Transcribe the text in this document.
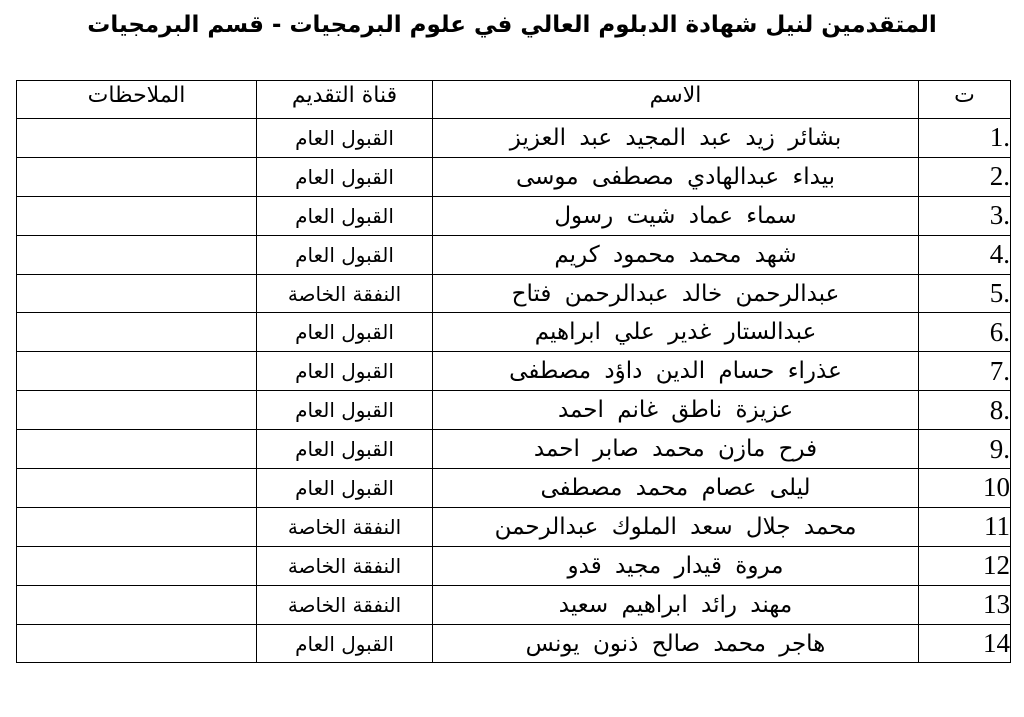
المتقدمين لنيل شهادة الدبلوم العالي في علوم البرمجيات - قسم البرمجيات
ت	الاسم	قناة التقديم	الملاحظات
1.	بشائر زيد عبد المجيد عبد العزيز	القبول العام	
2.	بيداء عبدالهادي مصطفى موسى	القبول العام	
3.	سماء عماد شيت رسول	القبول العام	
4.	شهد محمد محمود كريم	القبول العام	
5.	عبدالرحمن خالد عبدالرحمن فتاح	النفقة الخاصة	
6.	عبدالستار غدير علي ابراهيم	القبول العام	
7.	عذراء حسام الدين داؤد مصطفى	القبول العام	
8.	عزيزة ناطق غانم احمد	القبول العام	
9.	فرح مازن محمد صابر احمد	القبول العام	
10	ليلى عصام محمد مصطفى	القبول العام	
11	محمد جلال سعد الملوك عبدالرحمن	النفقة الخاصة	
12	مروة قيدار مجيد قدو	النفقة الخاصة	
13	مهند رائد ابراهيم سعيد	النفقة الخاصة	
14	هاجر محمد صالح ذنون يونس	القبول العام	
